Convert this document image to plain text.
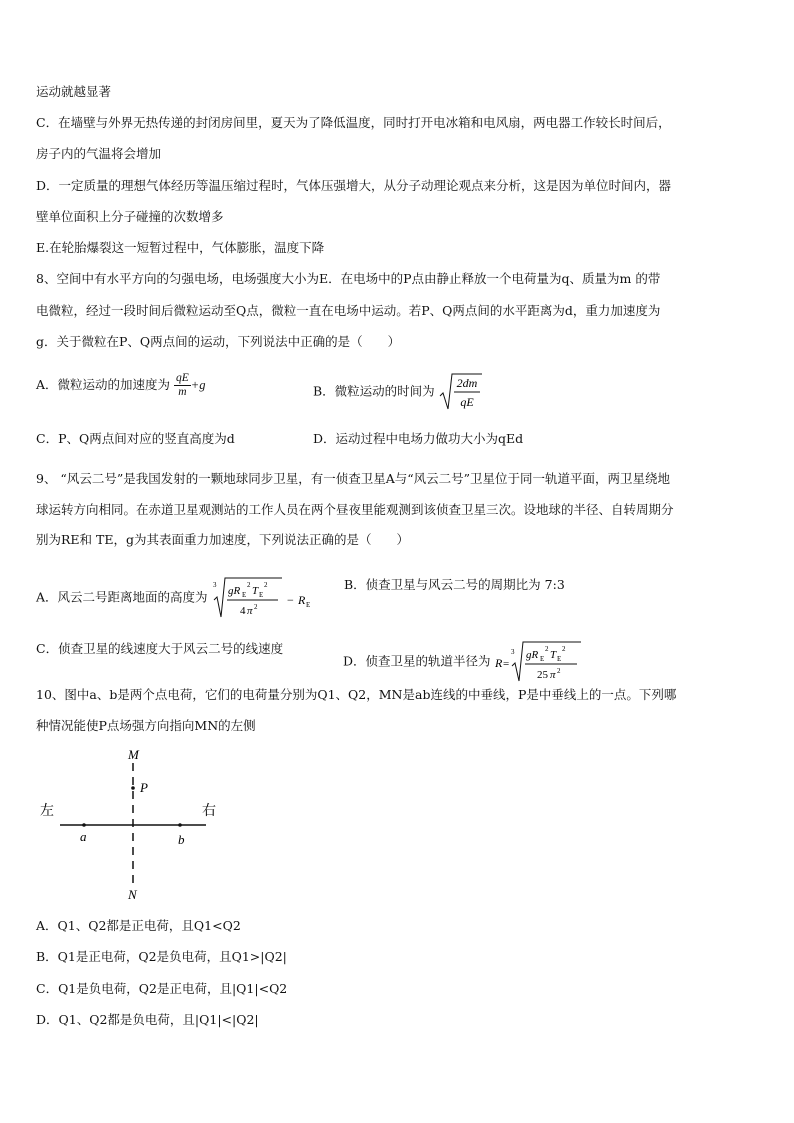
运动就越显著
C．在墙壁与外界无热传递的封闭房间里，夏天为了降低温度，同时打开电冰箱和电风扇，两电器工作较长时间后，
房子内的气温将会增加
D．一定质量的理想气体经历等温压缩过程时，气体压强增大，从分子动理论观点来分析，这是因为单位时间内，器
壁单位面积上分子碰撞的次数增多
E.在轮胎爆裂这一短暂过程中，气体膨胀，温度下降
8、空间中有水平方向的匀强电场，电场强度大小为E．在电场中的P点由静止释放一个电荷量为q、质量为m 的带
电微粒，经过一段时间后微粒运动至Q点，微粒一直在电场中运动。若P、Q两点间的水平距离为d，重力加速度为
g．关于微粒在P、Q两点间的运动，下列说法中正确的是（　　）
A．微粒运动的加速度为 $\frac{qE}{m} +g$	B．微粒运动的时间为
2dm
qE
C．P、Q两点间对应的竖直高度为d	D．运动过程中电场力做功大小为qEd
9、 “风云二号”是我国发射的一颗地球同步卫星，有一侦查卫星A与“风云二号”卫星位于同一轨道平面，两卫星绕地
球运转方向相同。在赤道卫星观测站的工作人员在两个昼夜里能观测到该侦查卫星三次。设地球的半径、自转周期分
别为RE和 TE，g为其表面重力加速度，下列说法正确的是（　　）
A．风云二号距离地面的高度为
3 gR E
2 T E
2
4 π 2 − R E
B．侦查卫星与风云二号的周期比为 7:3
C．侦查卫星的线速度大于风云二号的线速度
D．侦查卫星的轨道半径为 R =
3 gR E
2 T E
2
25 π 2
10、图中a、b是两个点电荷，它们的电荷量分别为Q1、Q2，MN是ab连线的中垂线，P是中垂线上的一点。下列哪
种情况能使P点场强方向指向MN的左侧
M
P
左	右
a	b
N
A．Q1、Q2都是正电荷，且Q1<Q2
B．Q1是正电荷，Q2是负电荷，且Q1>|Q2|
C．Q1是负电荷，Q2是正电荷，且|Q1|<Q2
D．Q1、Q2都是负电荷，且|Q1|<|Q2|
